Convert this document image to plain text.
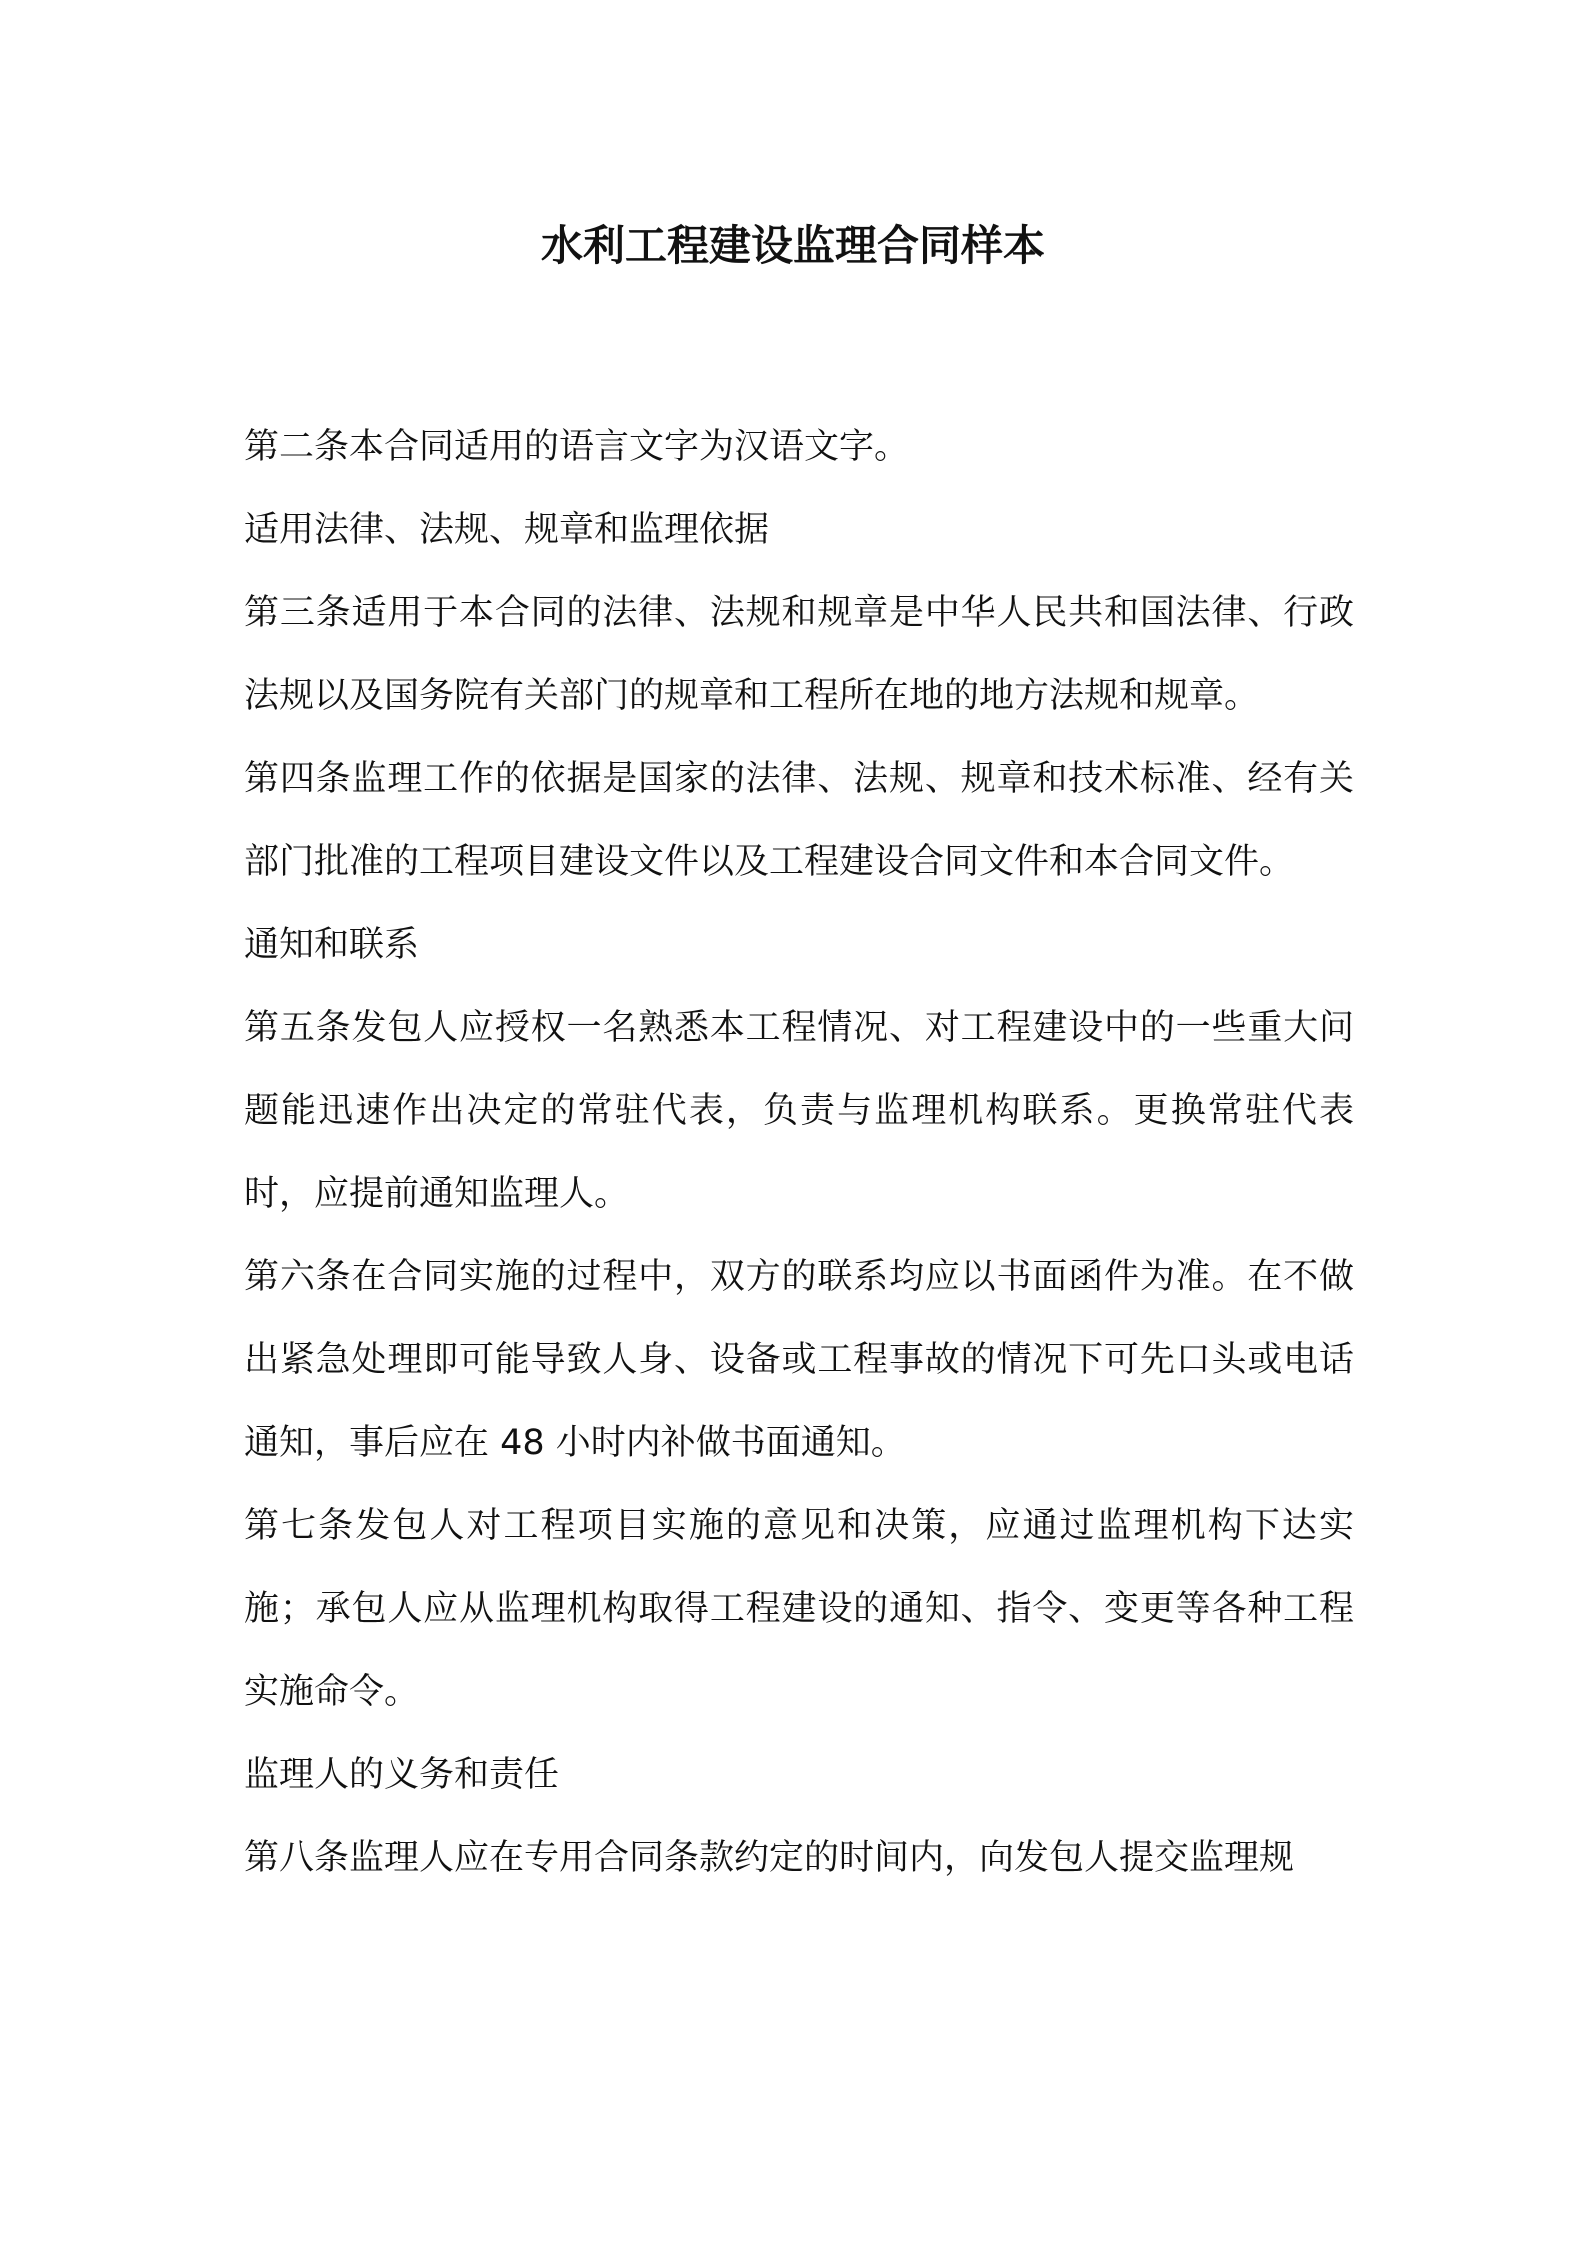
水利工程建设监理合同样本

第二条本合同适用的语言文字为汉语文字。

适用法律、法规、规章和监理依据

第三条适用于本合同的法律、法规和规章是中华人民共和国法律、行政法规以及国务院有关部门的规章和工程所在地的地方法规和规章。

第四条监理工作的依据是国家的法律、法规、规章和技术标准、经有关部门批准的工程项目建设文件以及工程建设合同文件和本合同文件。

通知和联系

第五条发包人应授权一名熟悉本工程情况、对工程建设中的一些重大问题能迅速作出决定的常驻代表，负责与监理机构联系。更换常驻代表时，应提前通知监理人。

第六条在合同实施的过程中，双方的联系均应以书面函件为准。在不做出紧急处理即可能导致人身、设备或工程事故的情况下可先口头或电话通知，事后应在 48 小时内补做书面通知。

第七条发包人对工程项目实施的意见和决策，应通过监理机构下达实施；承包人应从监理机构取得工程建设的通知、指令、变更等各种工程实施命令。

监理人的义务和责任

第八条监理人应在专用合同条款约定的时间内，向发包人提交监理规
